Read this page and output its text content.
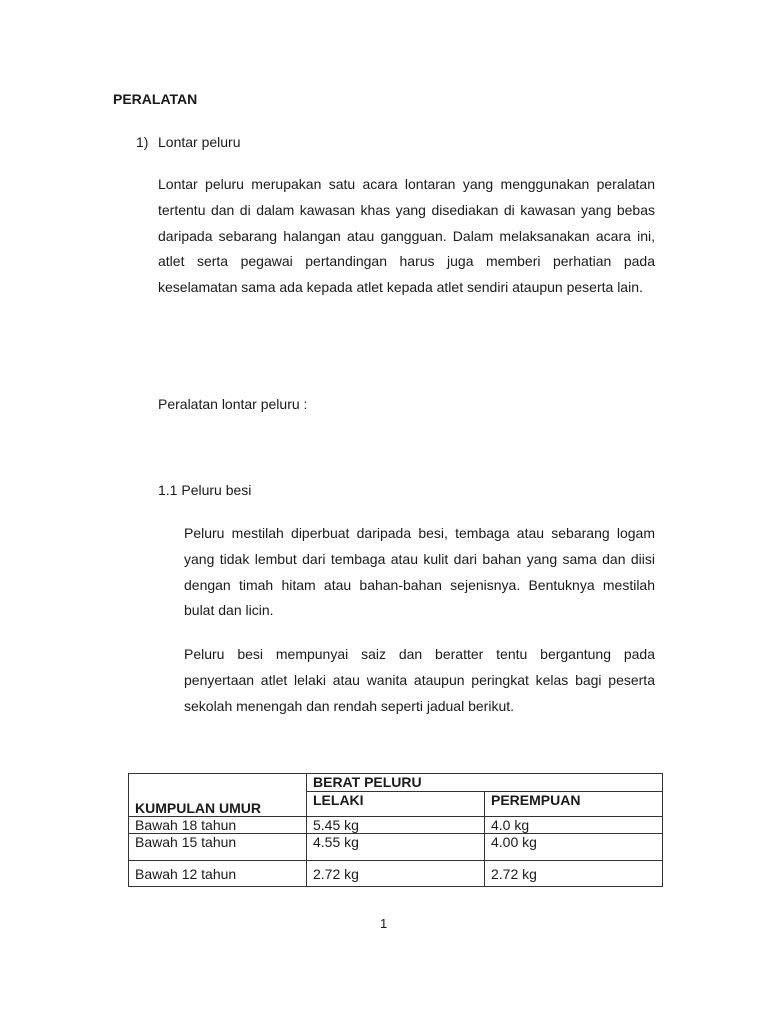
PERALATAN
1) Lontar peluru

Lontar peluru merupakan satu acara lontaran yang menggunakan peralatan tertentu dan di dalam kawasan khas yang disediakan di kawasan yang bebas daripada sebarang halangan atau gangguan. Dalam melaksanakan acara ini, atlet serta pegawai pertandingan harus juga memberi perhatian pada keselamatan sama ada kepada atlet kepada atlet sendiri ataupun peserta lain.

Peralatan lontar peluru :
1.1 Peluru besi

Peluru mestilah diperbuat daripada besi, tembaga atau sebarang logam yang tidak lembut dari tembaga atau kulit dari bahan yang sama dan diisi dengan timah hitam atau bahan-bahan sejenisnya. Bentuknya mestilah bulat dan licin.

Peluru besi mempunyai saiz dan beratter tentu bergantung pada penyertaan atlet lelaki atau wanita ataupun peringkat kelas bagi peserta sekolah menengah dan rendah seperti jadual berikut.

KUMPULAN UMUR	BERAT PELURU	
	LELAKI	PEREMPUAN
Bawah 18 tahun	5.45 kg	4.0 kg
Bawah 15 tahun	4.55 kg	4.00 kg
Bawah 12 tahun	2.72 kg	2.72 kg
1
